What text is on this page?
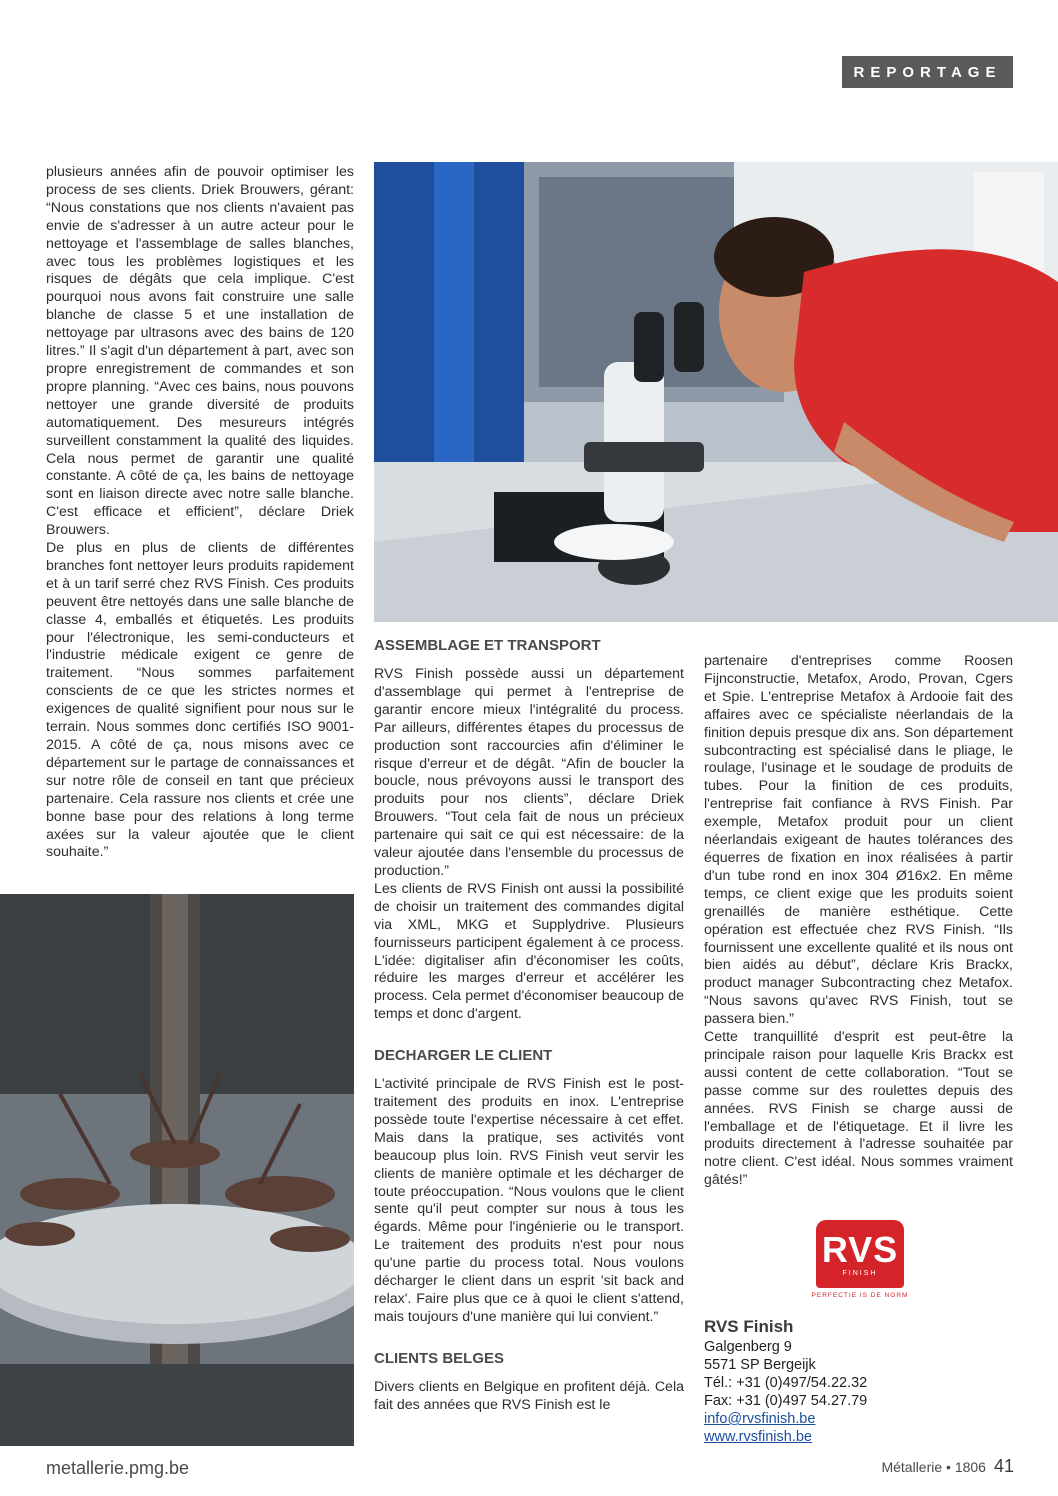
REPORTAGE

plusieurs années afin de pouvoir optimiser les process de ses clients. Driek Brouwers, gérant: “Nous constations que nos clients n'avaient pas envie de s'adresser à un autre acteur pour le nettoyage et l'assemblage de salles blanches, avec tous les problèmes logistiques et les risques de dégâts que cela implique. C'est pourquoi nous avons fait construire une salle blanche de classe 5 et une installation de nettoyage par ultrasons avec des bains de 120 litres.” Il s'agit d'un département à part, avec son propre enregistrement de commandes et son propre planning. “Avec ces bains, nous pouvons nettoyer une grande diversité de produits automatiquement. Des mesureurs intégrés surveillent constamment la qualité des liquides. Cela nous permet de garantir une qualité constante. A côté de ça, les bains de nettoyage sont en liaison directe avec notre salle blanche. C'est efficace et efficient”, déclare Driek Brouwers.

De plus en plus de clients de différentes branches font nettoyer leurs produits rapidement et à un tarif serré chez RVS Finish. Ces produits peuvent être nettoyés dans une salle blanche de classe 4, emballés et étiquetés. Les produits pour l'électronique, les semi-conducteurs et l'industrie médicale exigent ce genre de traitement. “Nous sommes parfaitement conscients de ce que les strictes normes et exigences de qualité signifient pour nous sur le terrain. Nous sommes donc certifiés ISO 9001-2015. A côté de ça, nous misons avec ce département sur le partage de connaissances et sur notre rôle de conseil en tant que précieux partenaire. Cela rassure nos clients et crée une bonne base pour des relations à long terme axées sur la valeur ajoutée que le client souhaite.”

ASSEMBLAGE ET TRANSPORT

RVS Finish possède aussi un département d'assemblage qui permet à l'entreprise de garantir encore mieux l'intégralité du process. Par ailleurs, différentes étapes du processus de production sont raccourcies afin d'éliminer le risque d'erreur et de dégât. “Afin de boucler la boucle, nous prévoyons aussi le transport des produits pour nos clients”, déclare Driek Brouwers. “Tout cela fait de nous un précieux partenaire qui sait ce qui est nécessaire: de la valeur ajoutée dans l'ensemble du processus de production.”

Les clients de RVS Finish ont aussi la possibilité de choisir un traitement des commandes digital via XML, MKG et Supplydrive. Plusieurs fournisseurs participent également à ce process. L'idée: digitaliser afin d'économiser les coûts, réduire les marges d'erreur et accélérer les process. Cela permet d'économiser beaucoup de temps et donc d'argent.

DECHARGER LE CLIENT

L'activité principale de RVS Finish est le post-traitement des produits en inox. L'entreprise possède toute l'expertise nécessaire à cet effet. Mais dans la pratique, ses activités vont beaucoup plus loin. RVS Finish veut servir les clients de manière optimale et les décharger de toute préoccupation. “Nous voulons que le client sente qu'il peut compter sur nous à tous les égards. Même pour l'ingénierie ou le transport. Le traitement des produits n'est pour nous qu'une partie du process total. Nous voulons décharger le client dans un esprit 'sit back and relax'. Faire plus que ce à quoi le client s'attend, mais toujours d'une manière qui lui convient.”

CLIENTS BELGES

Divers clients en Belgique en profitent déjà. Cela fait des années que RVS Finish est le

partenaire d'entreprises comme Roosen Fijnconstructie, Metafox, Arodo, Provan, Cgers et Spie. L'entreprise Metafox à Ardooie fait des affaires avec ce spécialiste néerlandais de la finition depuis presque dix ans. Son département subcontracting est spécialisé dans le pliage, le roulage, l'usinage et le soudage de produits de tubes. Pour la finition de ces produits, l'entreprise fait confiance à RVS Finish. Par exemple, Metafox produit pour un client néerlandais exigeant de hautes tolérances des équerres de fixation en inox réalisées à partir d'un tube rond en inox 304 Ø16x2. En même temps, ce client exige que les produits soient grenaillés de manière esthétique. Cette opération est effectuée chez RVS Finish. “Ils fournissent une excellente qualité et ils nous ont bien aidés au début”, déclare Kris Brackx, product manager Subcontracting chez Metafox. “Nous savons qu'avec RVS Finish, tout se passera bien.”

Cette tranquillité d'esprit est peut-être la principale raison pour laquelle Kris Brackx est aussi content de cette collaboration. “Tout se passe comme sur des roulettes depuis des années. RVS Finish se charge aussi de l'emballage et de l'étiquetage. Et il livre les produits directement à l'adresse souhaitée par notre client. C'est idéal. Nous sommes vraiment gâtés!”

RVS
FINISH
PERFECTIE IS DE NORM
RVS Finish
Galgenberg 9
5571 SP Bergeijk
Tél.: +31 (0)497/54.22.32
Fax: +31 (0)497 54.27.79
info@rvsfinish.be
www.rvsfinish.be
metallerie.pmg.be	Métallerie • 1806 41
